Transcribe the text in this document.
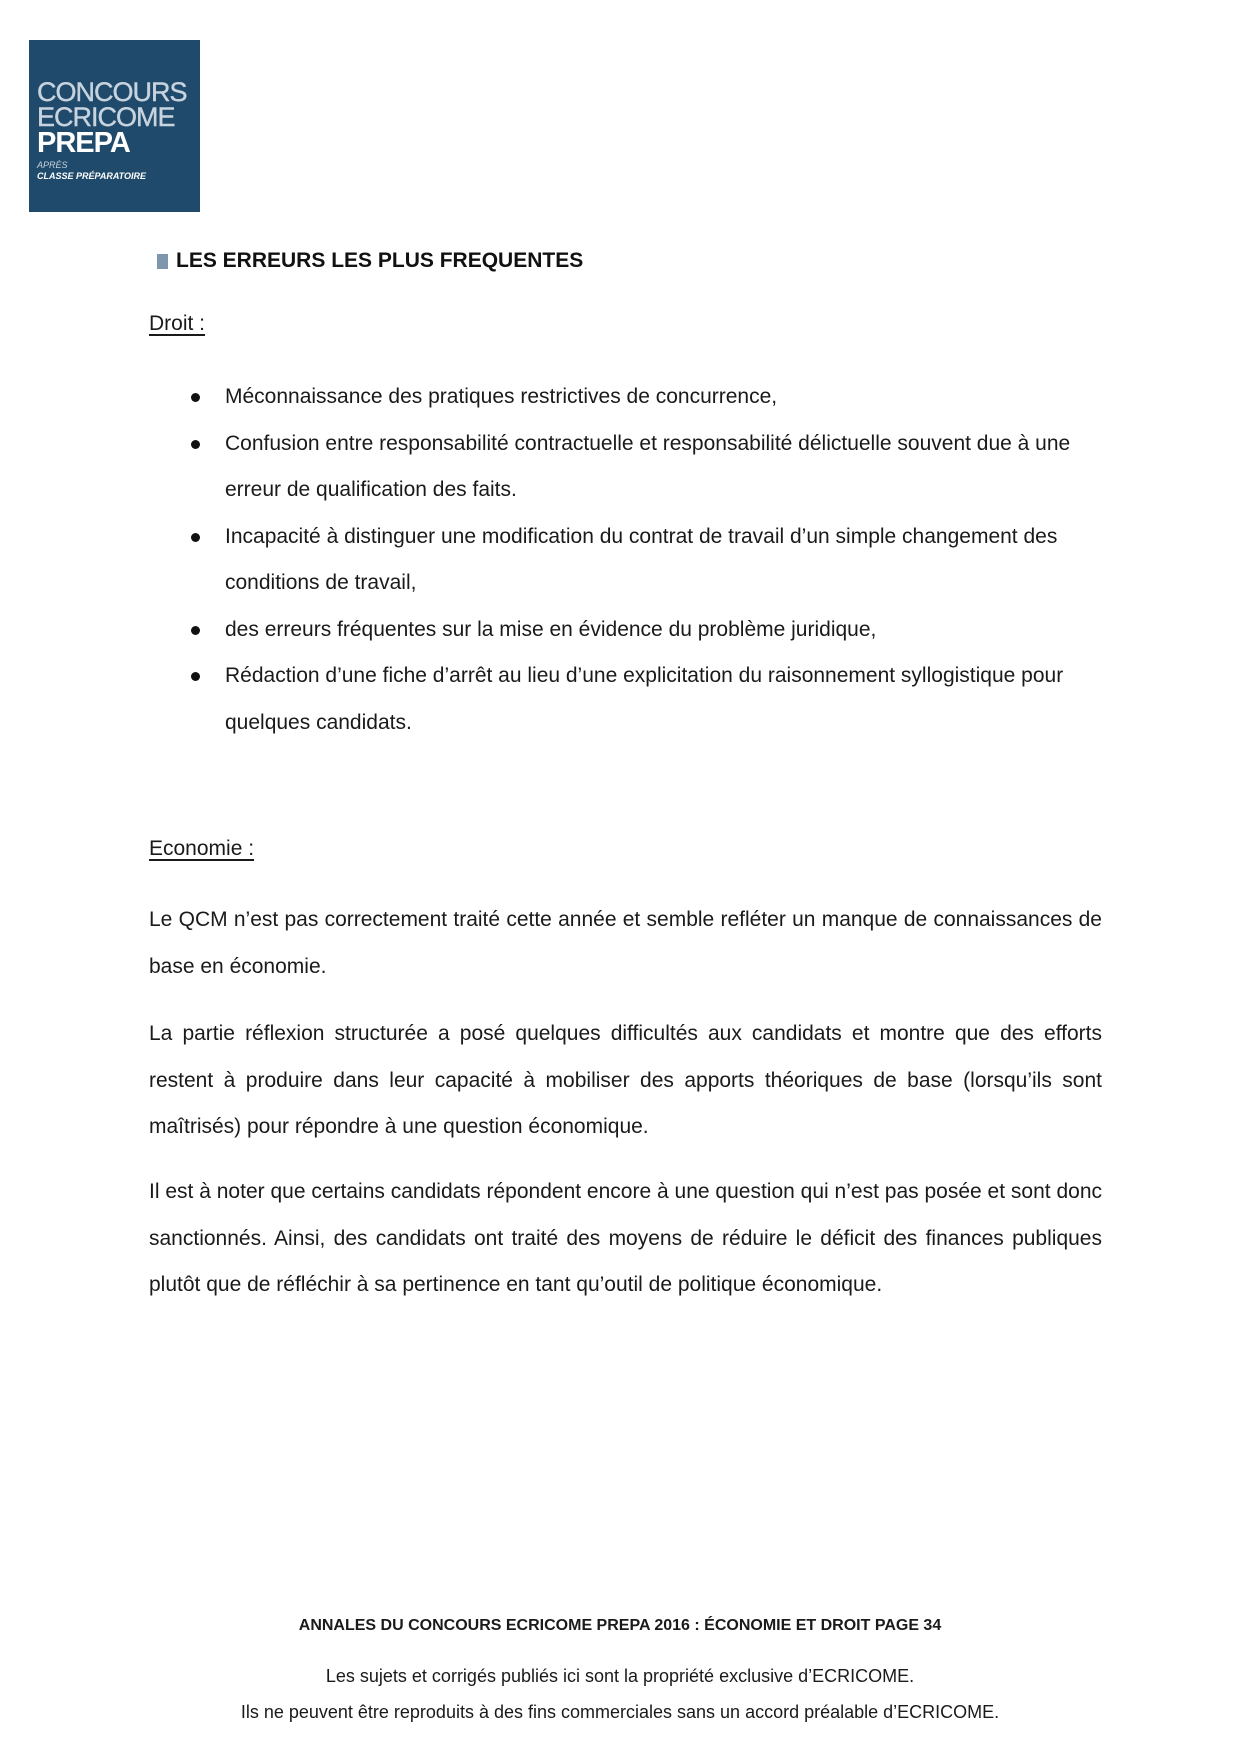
CONCOURS
ECRICOME
PREPA
APRÈS
CLASSE PRÉPARATOIRE
LES ERREURS LES PLUS FREQUENTES
Droit :
Méconnaissance des pratiques restrictives de concurrence,
Confusion entre responsabilité contractuelle et responsabilité délictuelle souvent due à une erreur de qualification des faits.
Incapacité à distinguer une modification du contrat de travail d’un simple changement des conditions de travail,
des erreurs fréquentes sur la mise en évidence du problème juridique,
Rédaction d’une fiche d’arrêt au lieu d’une explicitation du raisonnement syllogistique pour quelques candidats.
Economie :

Le QCM n’est pas correctement traité cette année et semble refléter un manque de connaissances de base en économie.

La partie réflexion structurée a posé quelques difficultés aux candidats et montre que des efforts restent à produire dans leur capacité à mobiliser des apports théoriques de base (lorsqu’ils sont maîtrisés) pour répondre à une question économique.

Il est à noter que certains candidats répondent encore à une question qui n’est pas posée et sont donc sanctionnés. Ainsi, des candidats ont traité des moyens de réduire le déficit des finances publiques plutôt que de réfléchir à sa pertinence en tant qu’outil de politique économique.

ANNALES DU CONCOURS ECRICOME PREPA 2016 : ÉCONOMIE ET DROIT PAGE 34
Les sujets et corrigés publiés ici sont la propriété exclusive d’ECRICOME.
Ils ne peuvent être reproduits à des fins commerciales sans un accord préalable d’ECRICOME.
